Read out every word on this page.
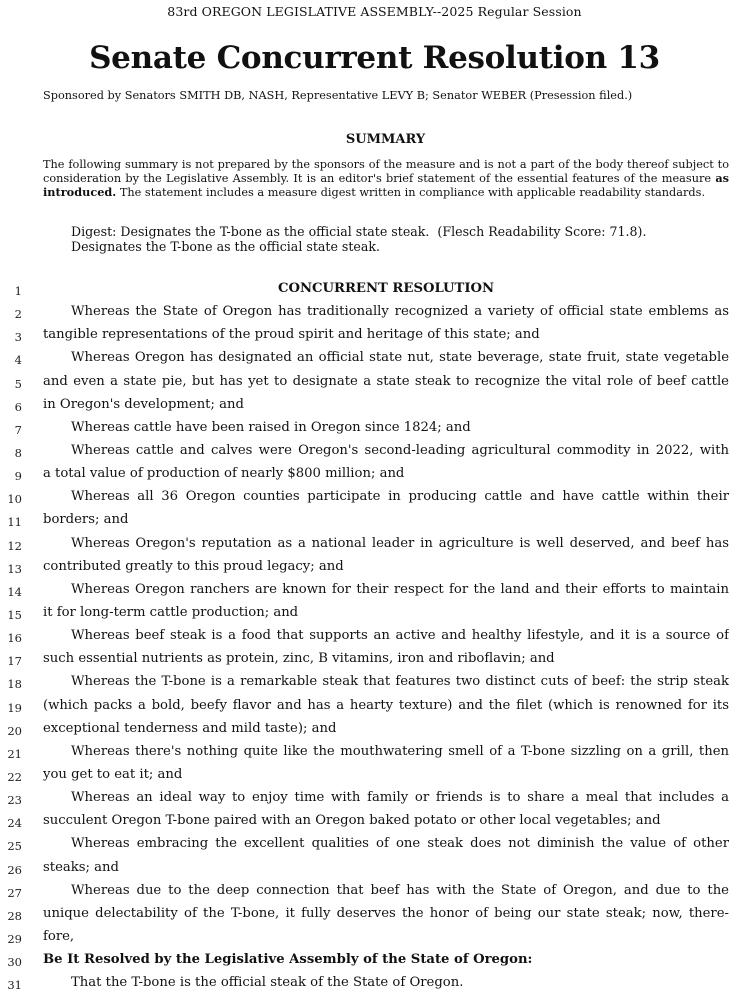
83rd OREGON LEGISLATIVE ASSEMBLY--2025 Regular Session
Senate Concurrent Resolution 13
Sponsored by Senators SMITH DB, NASH, Representative LEVY B; Senator WEBER (Presession filed.)
SUMMARY
The following summary is not prepared by the sponsors of the measure and is not a part of the body thereof subject to consideration by the Legislative Assembly. It is an editor's brief statement of the essential features of the measure as introduced. The statement includes a measure digest written in compliance with applicable readability standards.
Digest: Designates the T-bone as the official state steak.  (Flesch Readability Score: 71.8).
Designates the T-bone as the official state steak.
1	CONCURRENT RESOLUTION
2	Whereas the State of Oregon has traditionally recognized a variety of official state emblems as
3 tangible representations of the proud spirit and heritage of this state; and
4	Whereas Oregon has designated an official state nut, state beverage, state fruit, state vegetable
5 and even a state pie, but has yet to designate a state steak to recognize the vital role of beef cattle
6 in Oregon's development; and
7	Whereas cattle have been raised in Oregon since 1824; and
8	Whereas cattle and calves were Oregon's second-leading agricultural commodity in 2022, with
9 a total value of production of nearly $800 million; and
10	Whereas all 36 Oregon counties participate in producing cattle and have cattle within their
11 borders; and
12	Whereas Oregon's reputation as a national leader in agriculture is well deserved, and beef has
13 contributed greatly to this proud legacy; and
14	Whereas Oregon ranchers are known for their respect for the land and their efforts to maintain
15 it for long-term cattle production; and
16	Whereas beef steak is a food that supports an active and healthy lifestyle, and it is a source of
17 such essential nutrients as protein, zinc, B vitamins, iron and riboflavin; and
18	Whereas the T-bone is a remarkable steak that features two distinct cuts of beef: the strip steak
19 (which packs a bold, beefy flavor and has a hearty texture) and the filet (which is renowned for its
20 exceptional tenderness and mild taste); and
21	Whereas there's nothing quite like the mouthwatering smell of a T-bone sizzling on a grill, then
22 you get to eat it; and
23	Whereas an ideal way to enjoy time with family or friends is to share a meal that includes a
24 succulent Oregon T-bone paired with an Oregon baked potato or other local vegetables; and
25	Whereas embracing the excellent qualities of one steak does not diminish the value of other
26 steaks; and
27	Whereas due to the deep connection that beef has with the State of Oregon, and due to the
28 unique delectability of the T-bone, it fully deserves the honor of being our state steak; now, there-
29 fore,
30 Be It Resolved by the Legislative Assembly of the State of Oregon:
31	That the T-bone is the official steak of the State of Oregon.
